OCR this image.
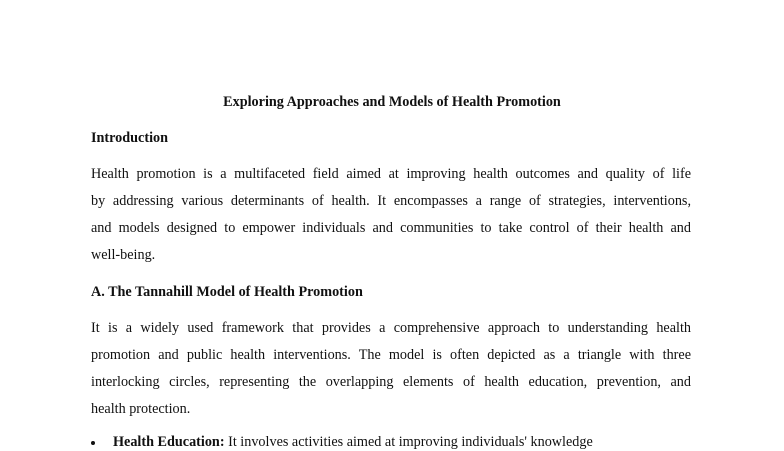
Exploring Approaches and Models of Health Promotion
Introduction
Health promotion is a multifaceted field aimed at improving health outcomes and quality of life
by addressing various determinants of health. It encompasses a range of strategies, interventions,
and models designed to empower individuals and communities to take control of their health and
well-being.
A. The Tannahill Model of Health Promotion
It is a widely used framework that provides a comprehensive approach to understanding health
promotion and public health interventions. The model is often depicted as a triangle with three
interlocking circles, representing the overlapping elements of health education, prevention, and
health protection.
Health Education: It involves activities aimed at improving individuals' knowledge
